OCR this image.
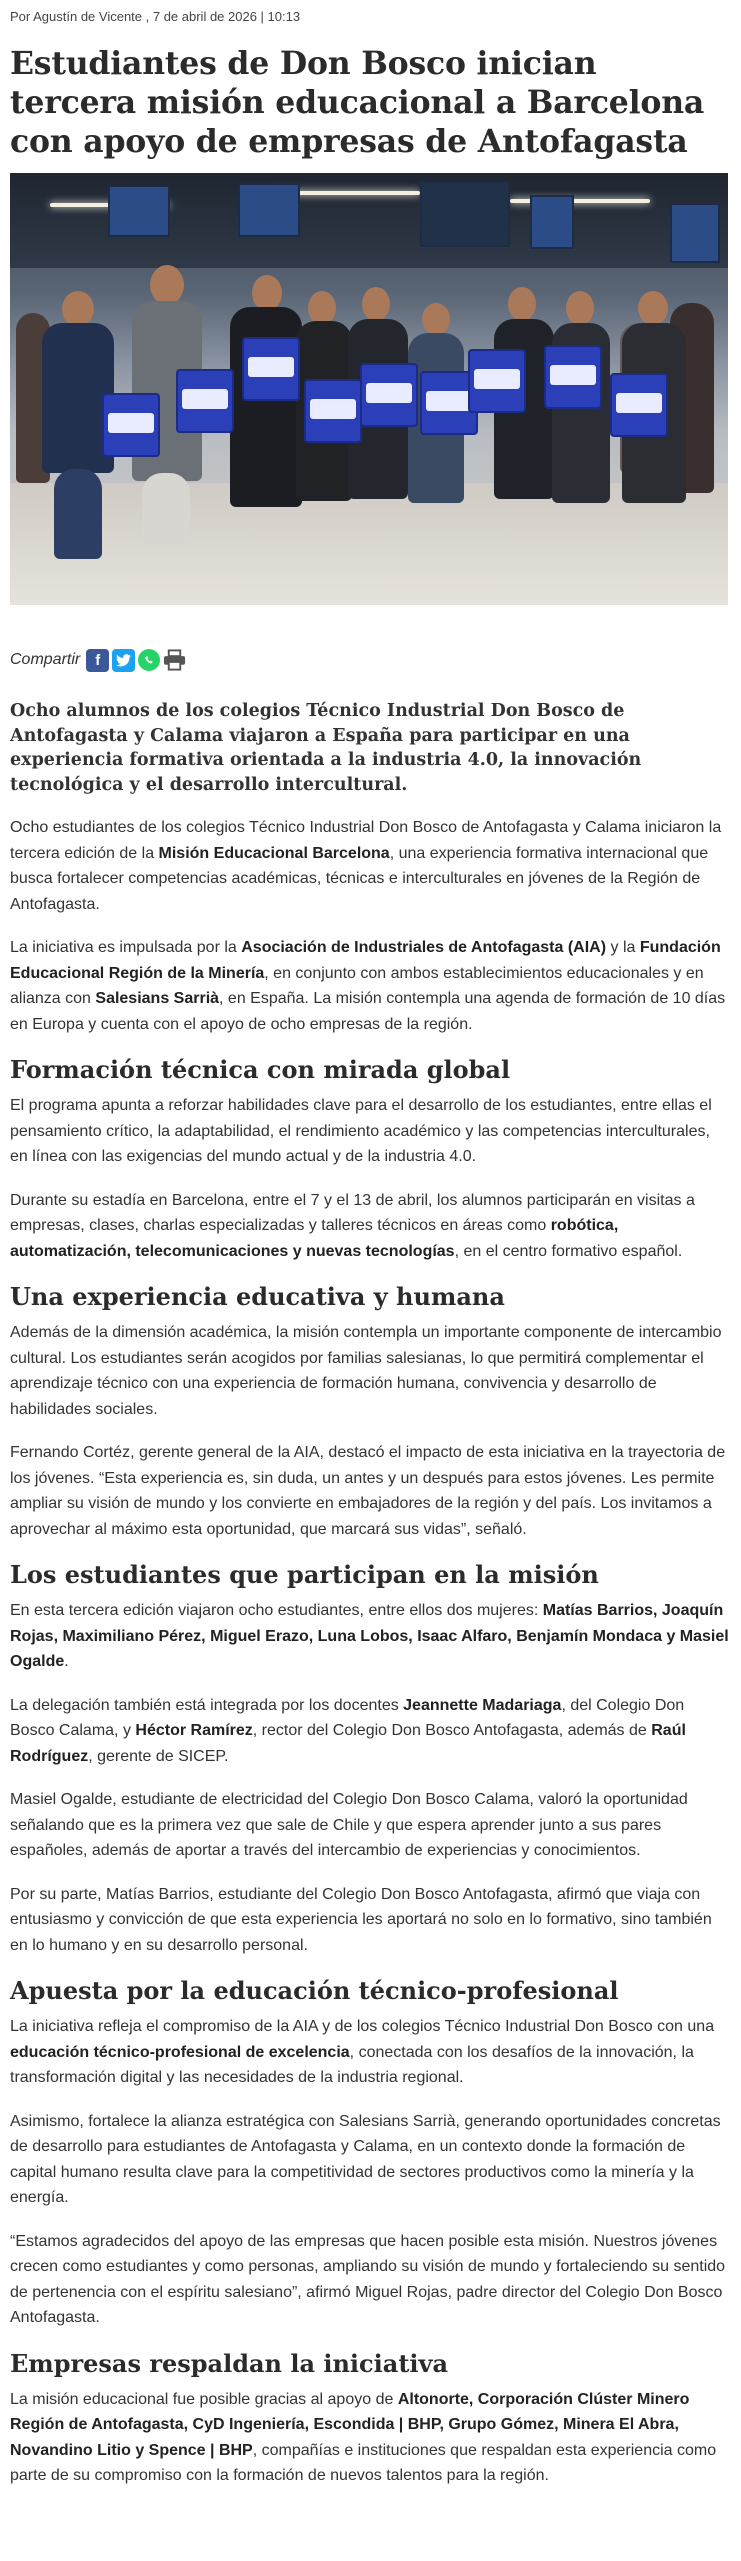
Por Agustín de Vicente , 7 de abril de 2026 | 10:13
Estudiantes de Don Bosco inician tercera misión educacional a Barcelona con apoyo de empresas de Antofagasta
Compartir	f
Ocho alumnos de los colegios Técnico Industrial Don Bosco de Antofagasta y Calama viajaron a España para participar en una experiencia formativa orientada a la industria 4.0, la innovación tecnológica y el desarrollo intercultural.

Ocho estudiantes de los colegios Técnico Industrial Don Bosco de Antofagasta y Calama iniciaron la tercera edición de la Misión Educacional Barcelona, una experiencia formativa internacional que busca fortalecer competencias académicas, técnicas e interculturales en jóvenes de la Región de Antofagasta.

La iniciativa es impulsada por la Asociación de Industriales de Antofagasta (AIA) y la Fundación Educacional Región de la Minería, en conjunto con ambos establecimientos educacionales y en alianza con Salesians Sarrià, en España. La misión contempla una agenda de formación de 10 días en Europa y cuenta con el apoyo de ocho empresas de la región.

Formación técnica con mirada global

El programa apunta a reforzar habilidades clave para el desarrollo de los estudiantes, entre ellas el pensamiento crítico, la adaptabilidad, el rendimiento académico y las competencias interculturales, en línea con las exigencias del mundo actual y de la industria 4.0.

Durante su estadía en Barcelona, entre el 7 y el 13 de abril, los alumnos participarán en visitas a empresas, clases, charlas especializadas y talleres técnicos en áreas como robótica, automatización, telecomunicaciones y nuevas tecnologías, en el centro formativo español.

Una experiencia educativa y humana

Además de la dimensión académica, la misión contempla un importante componente de intercambio cultural. Los estudiantes serán acogidos por familias salesianas, lo que permitirá complementar el aprendizaje técnico con una experiencia de formación humana, convivencia y desarrollo de habilidades sociales.

Fernando Cortéz, gerente general de la AIA, destacó el impacto de esta iniciativa en la trayectoria de los jóvenes. “Esta experiencia es, sin duda, un antes y un después para estos jóvenes. Les permite ampliar su visión de mundo y los convierte en embajadores de la región y del país. Los invitamos a aprovechar al máximo esta oportunidad, que marcará sus vidas”, señaló.

Los estudiantes que participan en la misión

En esta tercera edición viajaron ocho estudiantes, entre ellos dos mujeres: Matías Barrios, Joaquín Rojas, Maximiliano Pérez, Miguel Erazo, Luna Lobos, Isaac Alfaro, Benjamín Mondaca y Masiel Ogalde.

La delegación también está integrada por los docentes Jeannette Madariaga, del Colegio Don Bosco Calama, y Héctor Ramírez, rector del Colegio Don Bosco Antofagasta, además de Raúl Rodríguez, gerente de SICEP.

Masiel Ogalde, estudiante de electricidad del Colegio Don Bosco Calama, valoró la oportunidad señalando que es la primera vez que sale de Chile y que espera aprender junto a sus pares españoles, además de aportar a través del intercambio de experiencias y conocimientos.

Por su parte, Matías Barrios, estudiante del Colegio Don Bosco Antofagasta, afirmó que viaja con entusiasmo y convicción de que esta experiencia les aportará no solo en lo formativo, sino también en lo humano y en su desarrollo personal.

Apuesta por la educación técnico-profesional

La iniciativa refleja el compromiso de la AIA y de los colegios Técnico Industrial Don Bosco con una educación técnico-profesional de excelencia, conectada con los desafíos de la innovación, la transformación digital y las necesidades de la industria regional.

Asimismo, fortalece la alianza estratégica con Salesians Sarrià, generando oportunidades concretas de desarrollo para estudiantes de Antofagasta y Calama, en un contexto donde la formación de capital humano resulta clave para la competitividad de sectores productivos como la minería y la energía.

“Estamos agradecidos del apoyo de las empresas que hacen posible esta misión. Nuestros jóvenes crecen como estudiantes y como personas, ampliando su visión de mundo y fortaleciendo su sentido de pertenencia con el espíritu salesiano”, afirmó Miguel Rojas, padre director del Colegio Don Bosco Antofagasta.

Empresas respaldan la iniciativa

La misión educacional fue posible gracias al apoyo de Altonorte, Corporación Clúster Minero Región de Antofagasta, CyD Ingeniería, Escondida | BHP, Grupo Gómez, Minera El Abra, Novandino Litio y Spence | BHP, compañías e instituciones que respaldan esta experiencia como parte de su compromiso con la formación de nuevos talentos para la región.
